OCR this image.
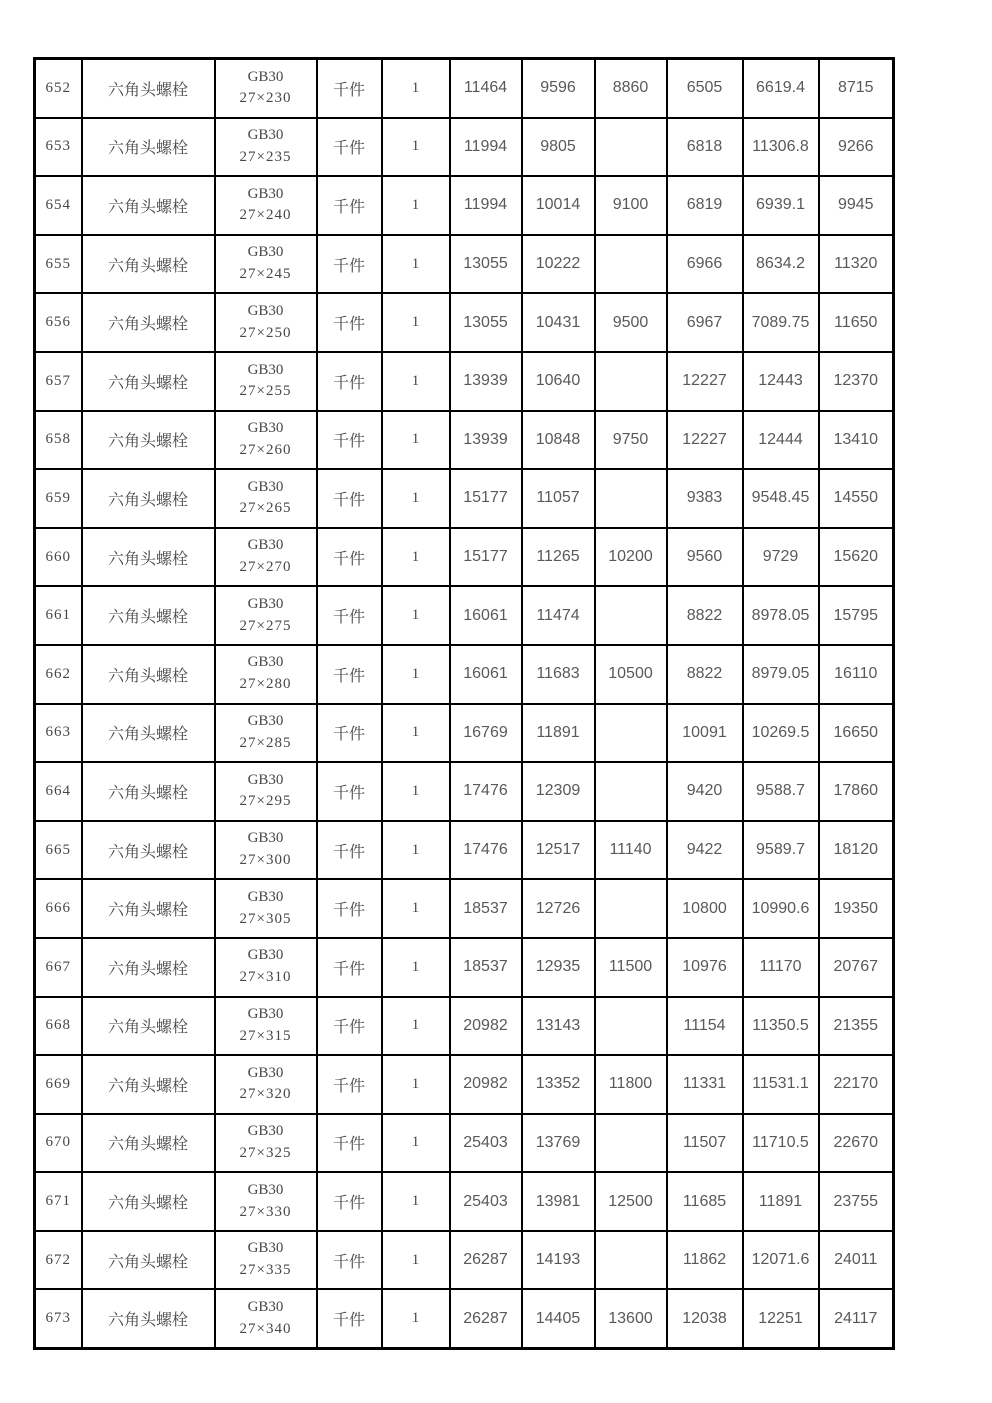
652	六角头螺栓	GB30
27×230	千件	1	11464	9596	8860	6505	6619.4	8715
653	六角头螺栓	GB30
27×235	千件	1	11994	9805		6818	11306.8	9266
654	六角头螺栓	GB30
27×240	千件	1	11994	10014	9100	6819	6939.1	9945
655	六角头螺栓	GB30
27×245	千件	1	13055	10222		6966	8634.2	11320
656	六角头螺栓	GB30
27×250	千件	1	13055	10431	9500	6967	7089.75	11650
657	六角头螺栓	GB30
27×255	千件	1	13939	10640		12227	12443	12370
658	六角头螺栓	GB30
27×260	千件	1	13939	10848	9750	12227	12444	13410
659	六角头螺栓	GB30
27×265	千件	1	15177	11057		9383	9548.45	14550
660	六角头螺栓	GB30
27×270	千件	1	15177	11265	10200	9560	9729	15620
661	六角头螺栓	GB30
27×275	千件	1	16061	11474		8822	8978.05	15795
662	六角头螺栓	GB30
27×280	千件	1	16061	11683	10500	8822	8979.05	16110
663	六角头螺栓	GB30
27×285	千件	1	16769	11891		10091	10269.5	16650
664	六角头螺栓	GB30
27×295	千件	1	17476	12309		9420	9588.7	17860
665	六角头螺栓	GB30
27×300	千件	1	17476	12517	11140	9422	9589.7	18120
666	六角头螺栓	GB30
27×305	千件	1	18537	12726		10800	10990.6	19350
667	六角头螺栓	GB30
27×310	千件	1	18537	12935	11500	10976	11170	20767
668	六角头螺栓	GB30
27×315	千件	1	20982	13143		11154	11350.5	21355
669	六角头螺栓	GB30
27×320	千件	1	20982	13352	11800	11331	11531.1	22170
670	六角头螺栓	GB30
27×325	千件	1	25403	13769		11507	11710.5	22670
671	六角头螺栓	GB30
27×330	千件	1	25403	13981	12500	11685	11891	23755
672	六角头螺栓	GB30
27×335	千件	1	26287	14193		11862	12071.6	24011
673	六角头螺栓	GB30
27×340	千件	1	26287	14405	13600	12038	12251	24117
